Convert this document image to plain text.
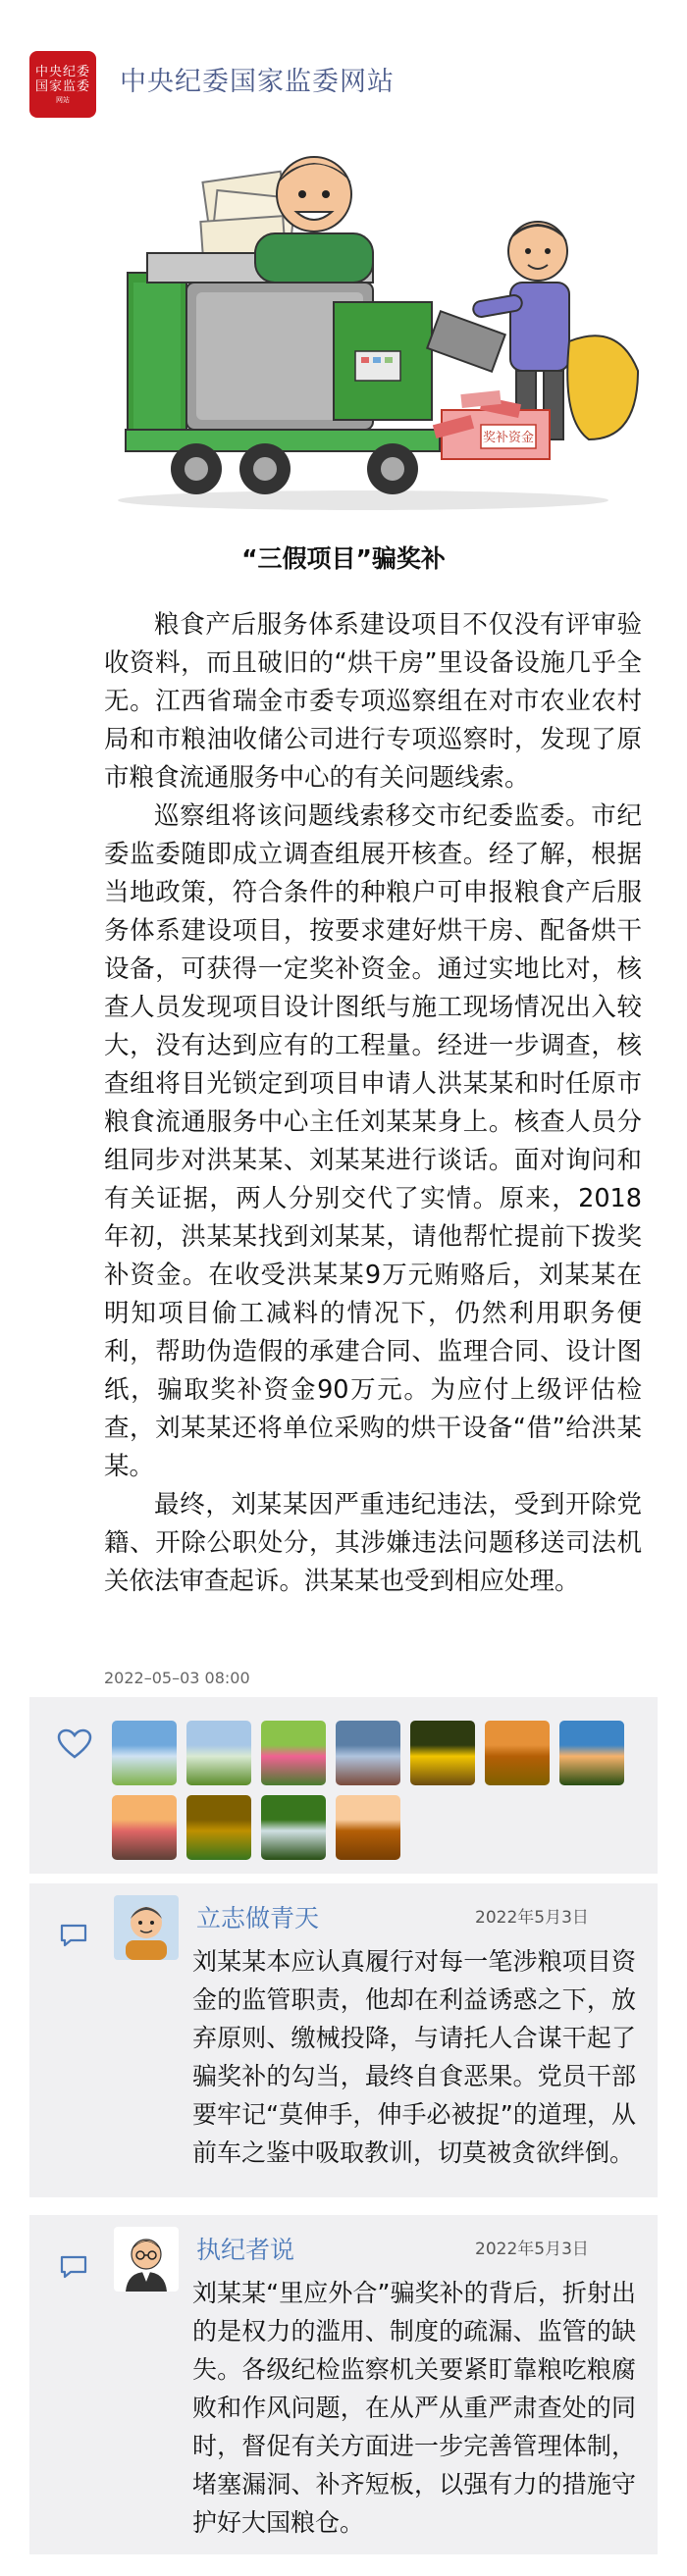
中央纪委
国家监委
网站
中央纪委国家监委网站
奖补资金
“三假项目”骗奖补

粮食产后服务体系建设项目不仅没有评审验收资料，而且破旧的“烘干房”里设备设施几乎全无。江西省瑞金市委专项巡察组在对市农业农村局和市粮油收储公司进行专项巡察时，发现了原市粮食流通服务中心的有关问题线索。

巡察组将该问题线索移交市纪委监委。市纪委监委随即成立调查组展开核查。经了解，根据当地政策，符合条件的种粮户可申报粮食产后服务体系建设项目，按要求建好烘干房、配备烘干设备，可获得一定奖补资金。通过实地比对，核查人员发现项目设计图纸与施工现场情况出入较大，没有达到应有的工程量。经进一步调查，核查组将目光锁定到项目申请人洪某某和时任原市粮食流通服务中心主任刘某某身上。核查人员分组同步对洪某某、刘某某进行谈话。面对询问和有关证据，两人分别交代了实情。原来，2018年初，洪某某找到刘某某，请他帮忙提前下拨奖补资金。在收受洪某某9万元贿赂后，刘某某在明知项目偷工减料的情况下，仍然利用职务便利，帮助伪造假的承建合同、监理合同、设计图纸，骗取奖补资金90万元。为应付上级评估检查，刘某某还将单位采购的烘干设备“借”给洪某某。

最终，刘某某因严重违纪违法，受到开除党籍、开除公职处分，其涉嫌违法问题移送司法机关依法审查起诉。洪某某也受到相应处理。

2022–05–03 08:00
立志做青天	2022年5月3日
刘某某本应认真履行对每一笔涉粮项目资金的监管职责，他却在利益诱惑之下，放弃原则、缴械投降，与请托人合谋干起了骗奖补的勾当，最终自食恶果。党员干部要牢记“莫伸手，伸手必被捉”的道理，从前车之鉴中吸取教训，切莫被贪欲绊倒。
执纪者说	2022年5月3日
刘某某“里应外合”骗奖补的背后，折射出的是权力的滥用、制度的疏漏、监管的缺失。各级纪检监察机关要紧盯靠粮吃粮腐败和作风问题，在从严从重严肃查处的同时，督促有关方面进一步完善管理体制，堵塞漏洞、补齐短板，以强有力的措施守护好大国粮仓。
